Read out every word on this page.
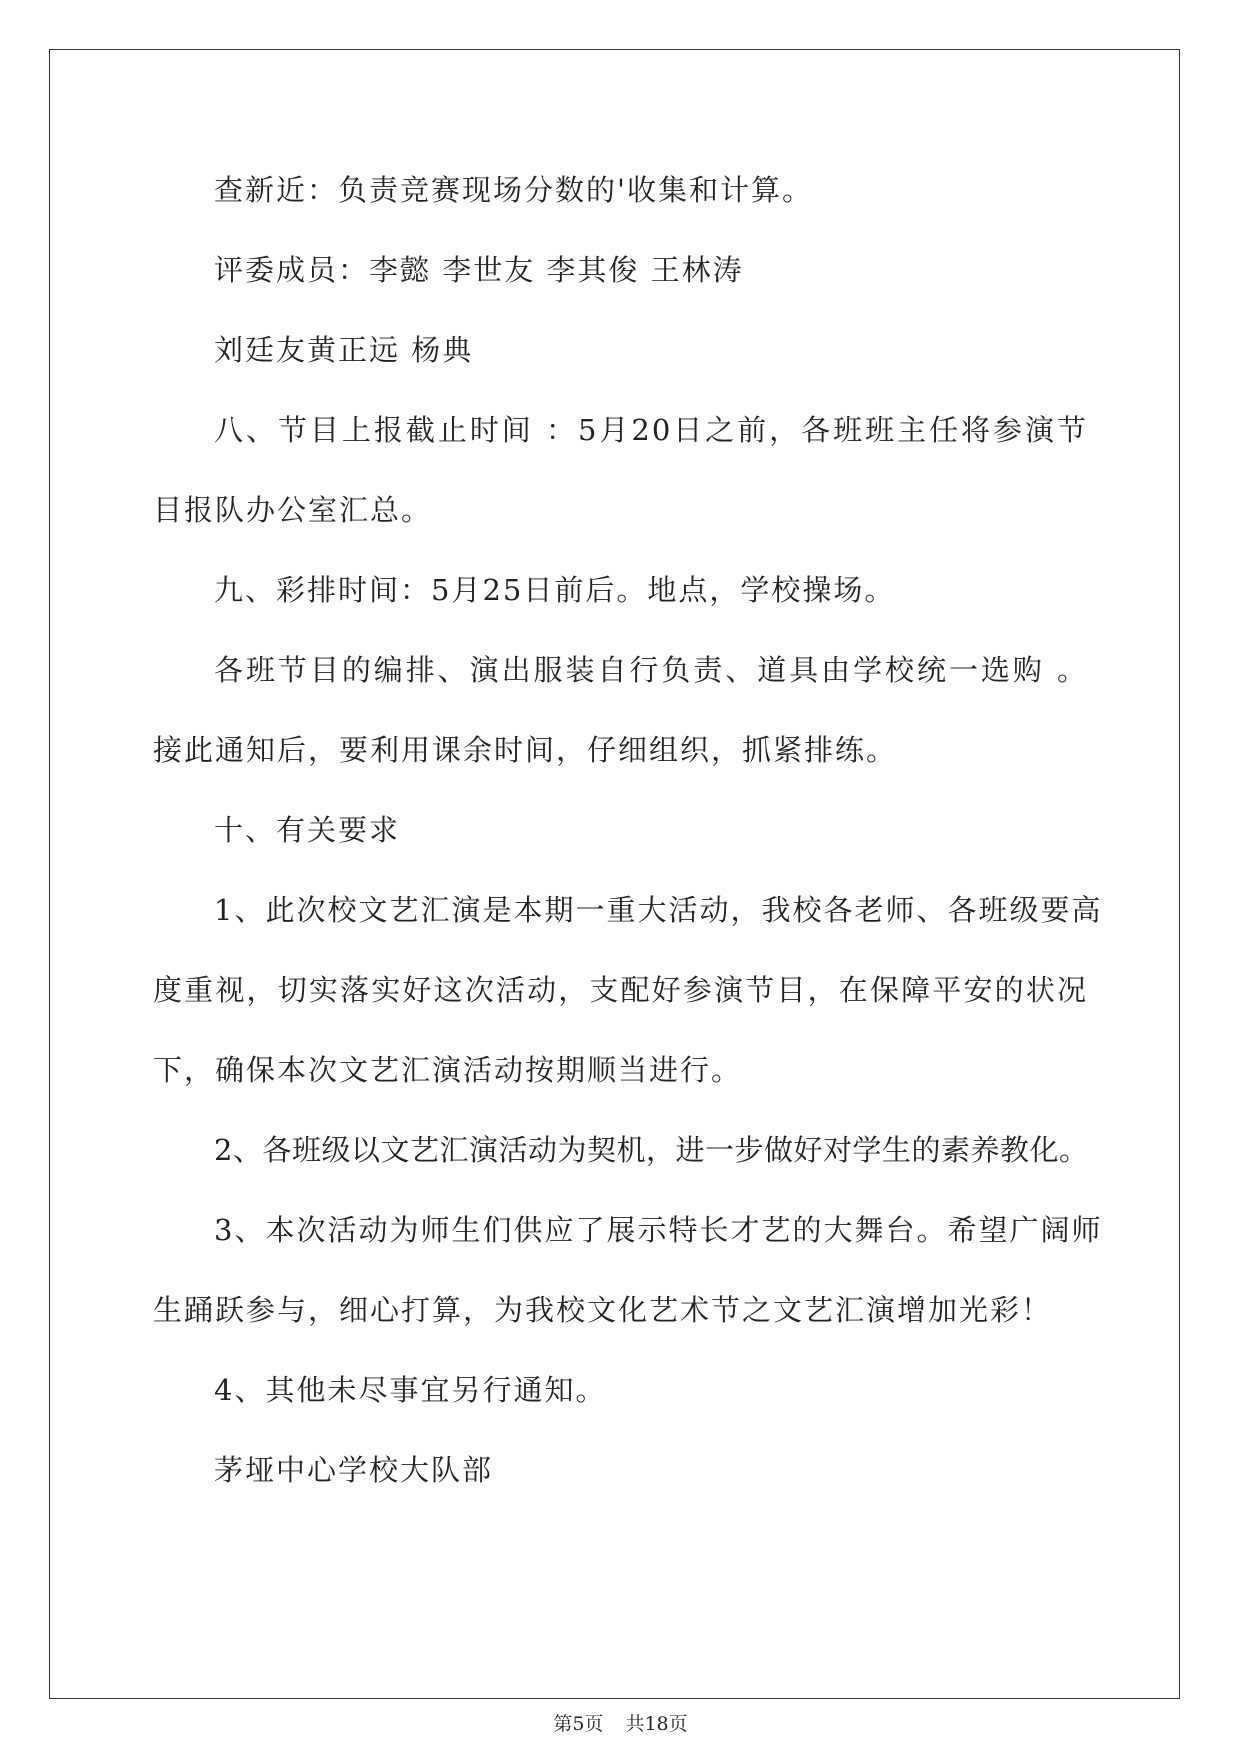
查新近：负责竞赛现场分数的'收集和计算。
评委成员：李懿 李世友 李其俊 王林涛
刘廷友黄正远 杨典
八、节目上报截止时间 ：5月20日之前，各班班主任将参演节
目报队办公室汇总。
九、彩排时间：5月25日前后。地点，学校操场。
各班节目的编排、演出服装自行负责、道具由学校统一选购 。
接此通知后，要利用课余时间，仔细组织，抓紧排练。
十、有关要求
1、此次校文艺汇演是本期一重大活动，我校各老师、各班级要高
度重视，切实落实好这次活动，支配好参演节目，在保障平安的状况
下，确保本次文艺汇演活动按期顺当进行。
2、各班级以文艺汇演活动为契机，进一步做好对学生的素养教化。
3、本次活动为师生们供应了展示特长才艺的大舞台。希望广阔师
生踊跃参与，细心打算，为我校文化艺术节之文艺汇演增加光彩！
4、其他未尽事宜另行通知。
茅垭中心学校大队部
第5页 共18页
